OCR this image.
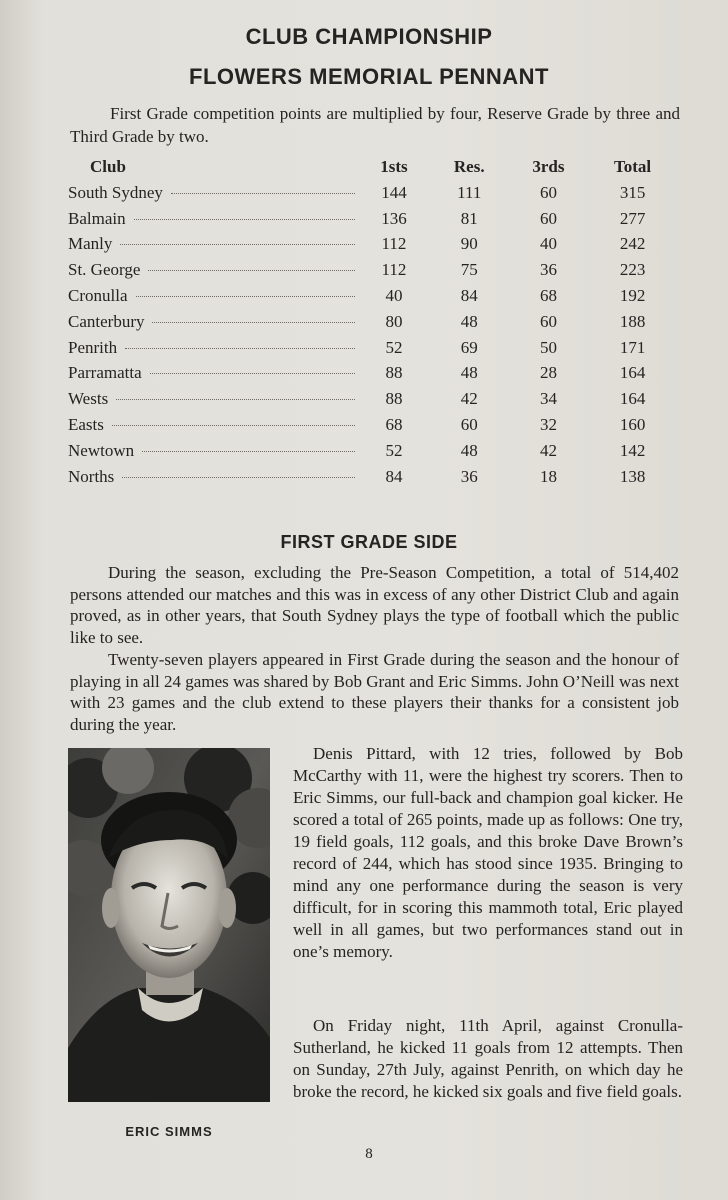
CLUB CHAMPIONSHIP
FLOWERS MEMORIAL PENNANT
First Grade competition points are multiplied by four, Reserve Grade by three and Third Grade by two.
Club	1sts	Res.	3rds	Total

South Sydney	144	111	60	315

Balmain	136	81	60	277

Manly	112	90	40	242

St. George	112	75	36	223

Cronulla	40	84	68	192

Canterbury	80	48	60	188

Penrith	52	69	50	171

Parramatta	88	48	28	164

Wests	88	42	34	164

Easts	68	60	32	160

Newtown	52	48	42	142

Norths	84	36	18	138
FIRST GRADE SIDE

During the season, excluding the Pre-Season Competition, a total of 514,402 persons attended our matches and this was in excess of any other District Club and again proved, as in other years, that South Sydney plays the type of football which the public like to see.

Twenty-seven players appeared in First Grade during the season and the honour of playing in all 24 games was shared by Bob Grant and Eric Simms. John O’Neill was next with 23 games and the club extend to these players their thanks for a consistent job during the year.

ERIC SIMMS

Denis Pittard, with 12 tries, followed by Bob McCarthy with 11, were the highest try scorers. Then to Eric Simms, our full-back and champion goal kicker. He scored a total of 265 points, made up as follows: One try, 19 field goals, 112 goals, and this broke Dave Brown’s record of 244, which has stood since 1935. Bringing to mind any one performance during the season is very difficult, for in scoring this mammoth total, Eric played well in all games, but two performances stand out in one’s memory.

On Friday night, 11th April, against Cronulla-Sutherland, he kicked 11 goals from 12 attempts. Then on Sunday, 27th July, against Penrith, on which day he broke the record, he kicked six goals and five field goals.

8
